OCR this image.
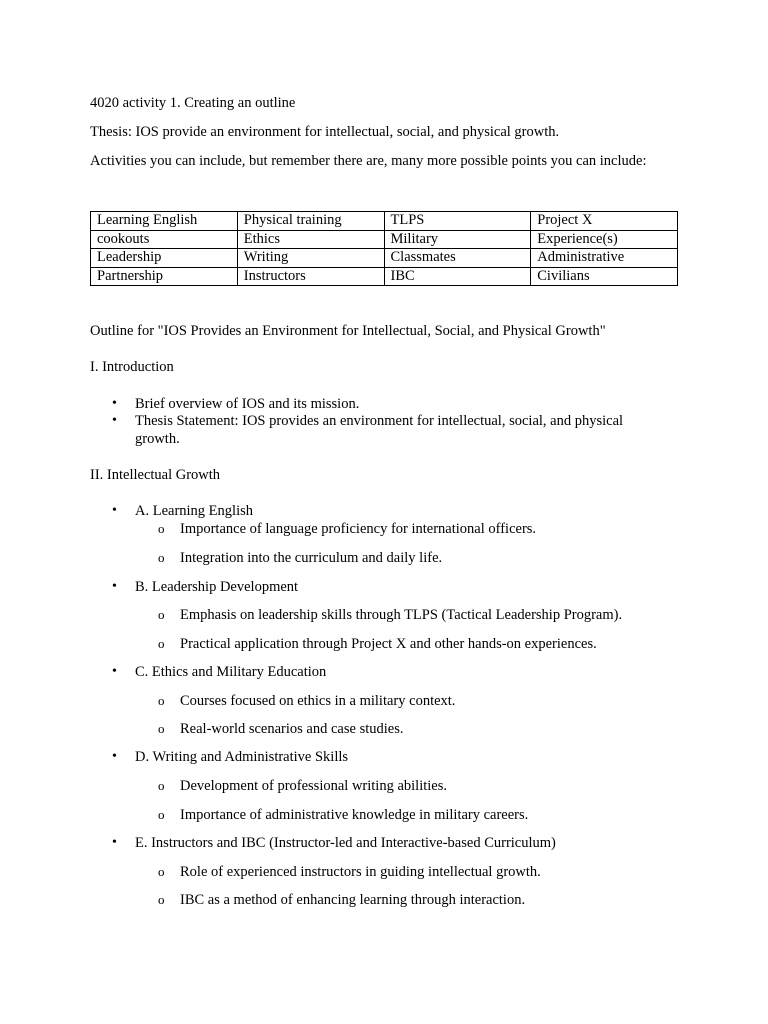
4020 activity 1. Creating an outline
Thesis: IOS provide an environment for intellectual, social, and physical growth.
Activities you can include, but remember there are, many more possible points you can include:
Learning English	Physical training	TLPS	Project X
cookouts	Ethics	Military	Experience(s)
Leadership	Writing	Classmates	Administrative
Partnership	Instructors	IBC	Civilians
Outline for "IOS Provides an Environment for Intellectual, Social, and Physical Growth"
I. Introduction
• Brief overview of IOS and its mission.
• Thesis Statement: IOS provides an environment for intellectual, social, and physical growth.
II. Intellectual Growth
• A. Learning English
o Importance of language proficiency for international officers.
o Integration into the curriculum and daily life.
• B. Leadership Development
o Emphasis on leadership skills through TLPS (Tactical Leadership Program).
o Practical application through Project X and other hands-on experiences.
• C. Ethics and Military Education
o Courses focused on ethics in a military context.
o Real-world scenarios and case studies.
• D. Writing and Administrative Skills
o Development of professional writing abilities.
o Importance of administrative knowledge in military careers.
• E. Instructors and IBC (Instructor-led and Interactive-based Curriculum)
o Role of experienced instructors in guiding intellectual growth.
o IBC as a method of enhancing learning through interaction.
